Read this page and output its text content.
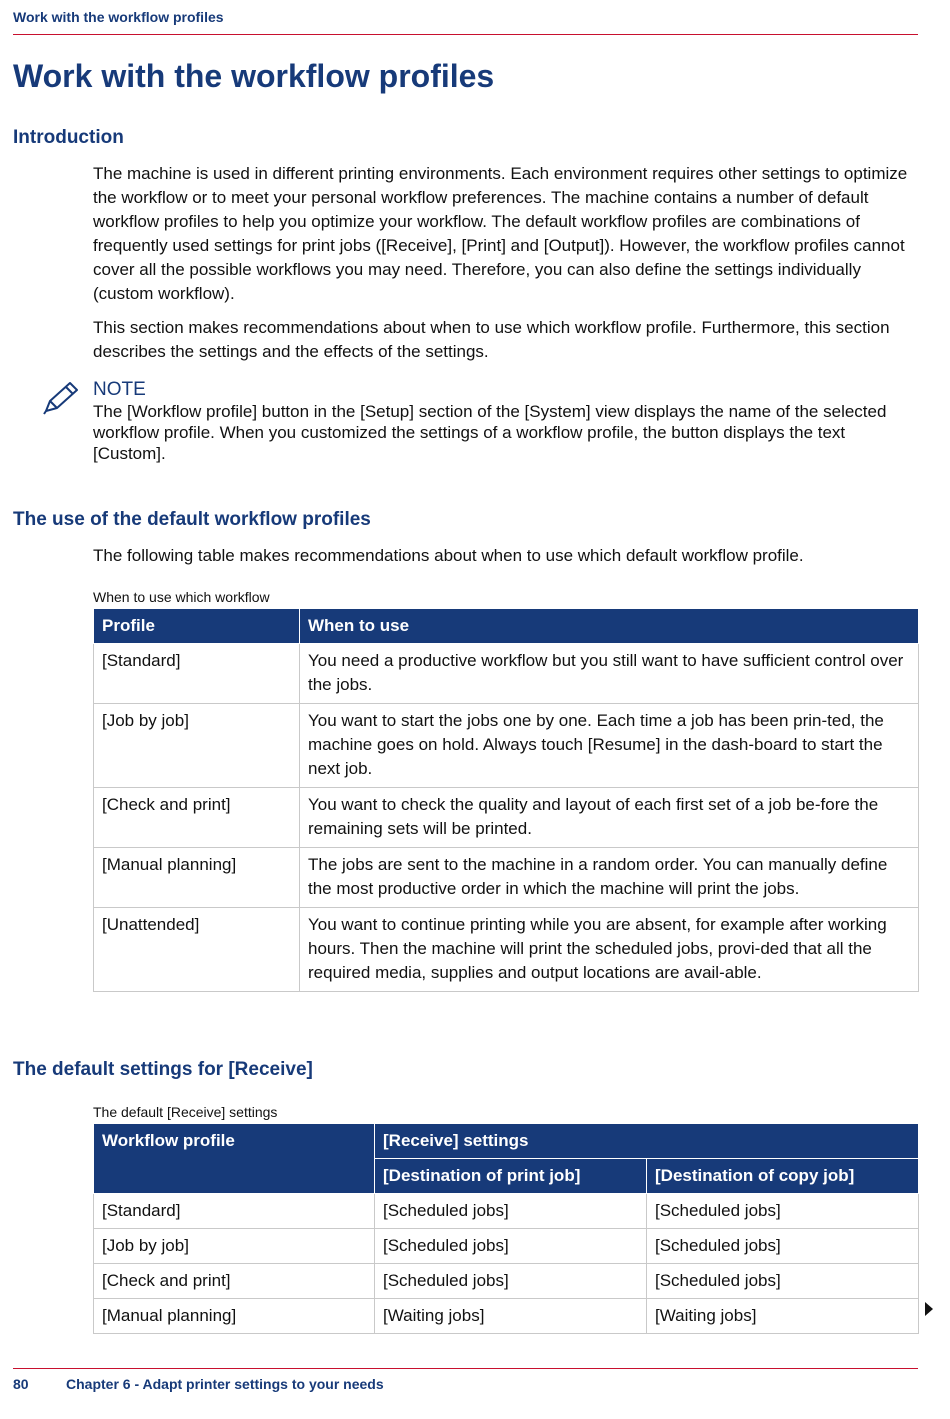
Work with the workflow profiles
Work with the workflow profiles
Introduction

The machine is used in different printing environments. Each environment requires other settings to optimize the workflow or to meet your personal workflow preferences. The machine contains a number of default workflow profiles to help you optimize your workflow. The default workflow profiles are combinations of frequently used settings for print jobs ([Receive], [Print] and [Output]). However, the workflow profiles cannot cover all the possible workflows you may need. Therefore, you can also define the settings individually (custom workflow).

This section makes recommendations about when to use which workflow profile. Furthermore, this section describes the settings and the effects of the settings.

NOTE

The [Workflow profile] button in the [Setup] section of the [System] view displays the name of the selected workflow profile. When you customized the settings of a workflow profile, the button displays the text [Custom].

The use of the default workflow profiles

The following table makes recommendations about when to use which default workflow profile.

When to use which workflow
Profile	When to use
[Standard]	You need a productive workflow but you still want to have sufficient control over the jobs.
[Job by job]	You want to start the jobs one by one. Each time a job has been prin-ted, the machine goes on hold. Always touch [Resume] in the dash-board to start the next job.
[Check and print]	You want to check the quality and layout of each first set of a job be-fore the remaining sets will be printed.
[Manual planning]	The jobs are sent to the machine in a random order. You can manually define the most productive order in which the machine will print the jobs.
[Unattended]	You want to continue printing while you are absent, for example after working hours. Then the machine will print the scheduled jobs, provi-ded that all the required media, supplies and output locations are avail-able.
The default settings for [Receive]
The default [Receive] settings
Workflow profile	[Receive] settings	
	[Destination of print job]	[Destination of copy job]
[Standard]	[Scheduled jobs]	[Scheduled jobs]
[Job by job]	[Scheduled jobs]	[Scheduled jobs]
[Check and print]	[Scheduled jobs]	[Scheduled jobs]
[Manual planning]	[Waiting jobs]	[Waiting jobs]
80	Chapter 6 - Adapt printer settings to your needs
